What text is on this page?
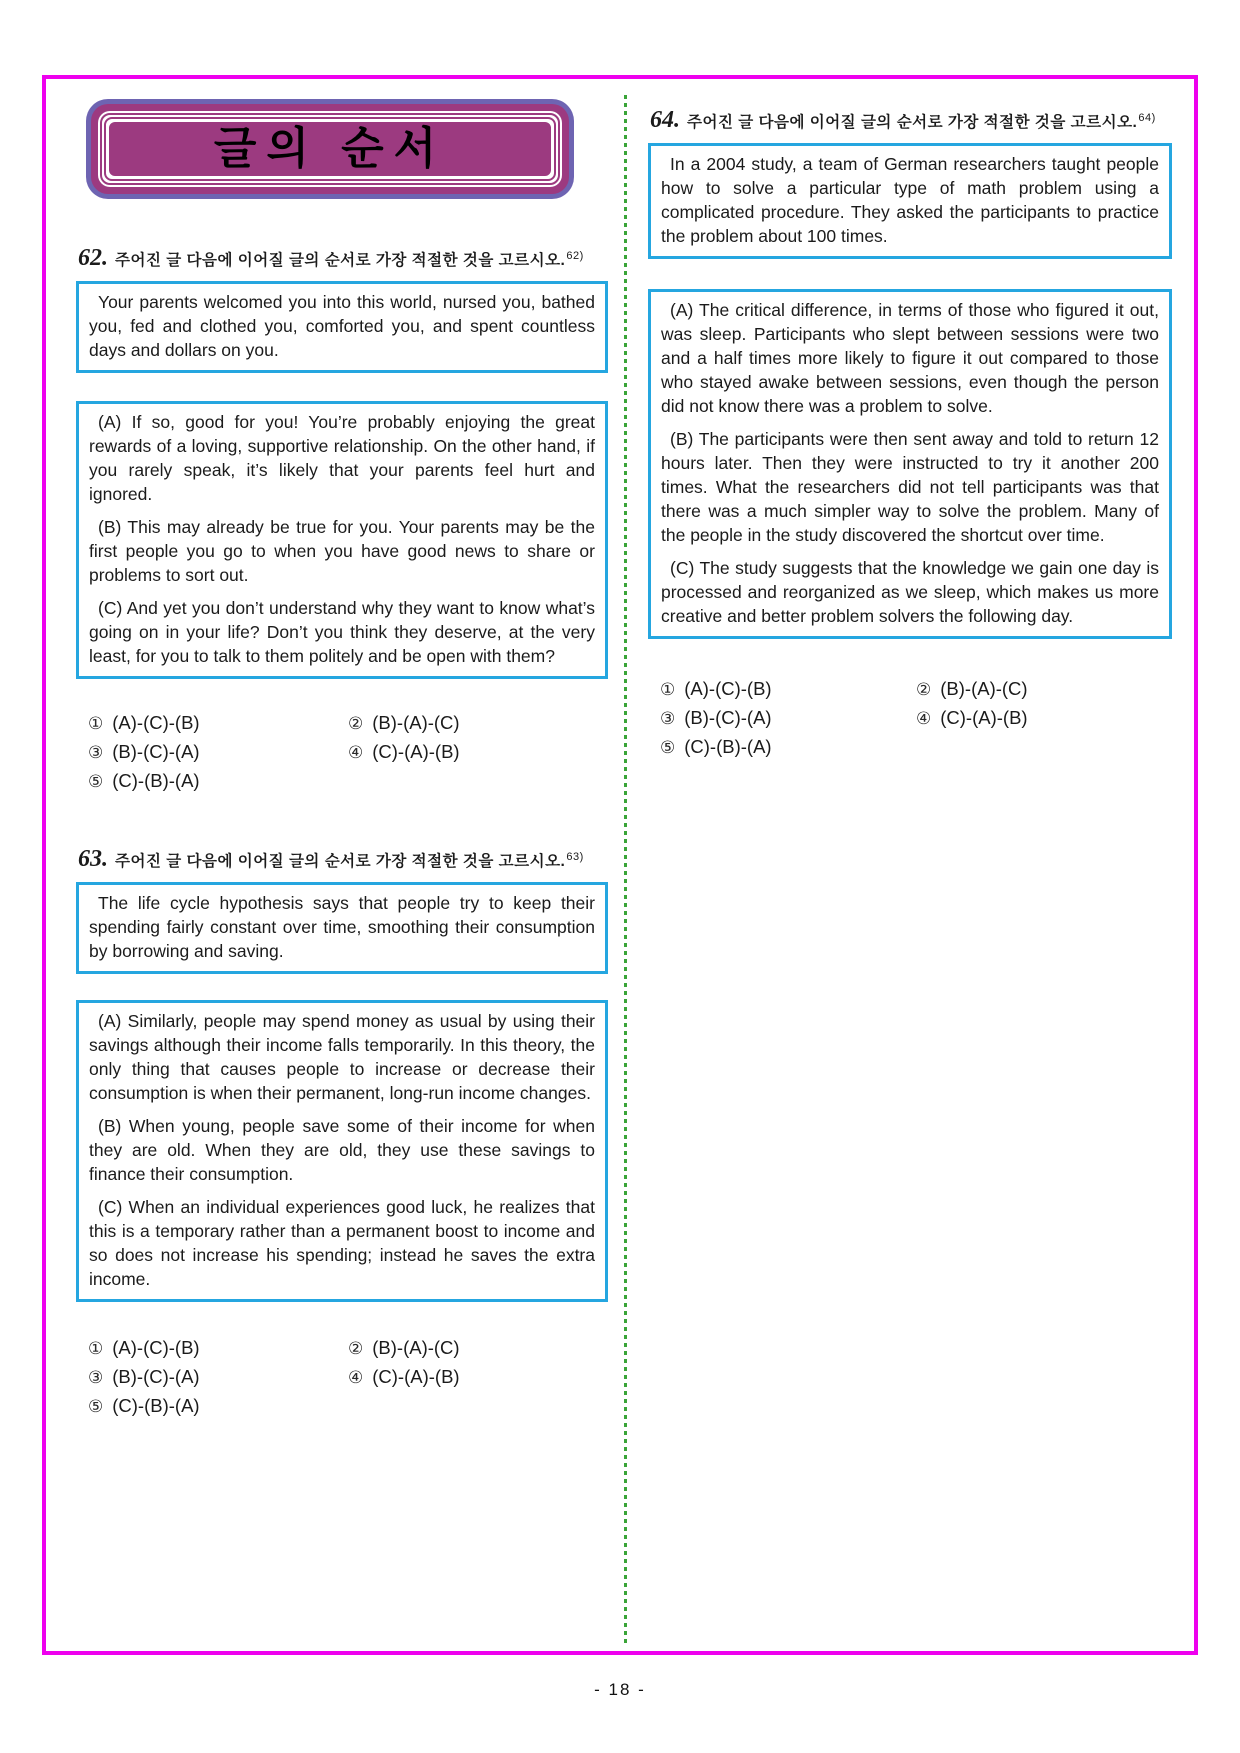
글의 순서
62. 주어진 글 다음에 이어질 글의 순서로 가장 적절한 것을 고르시오.$^{62)}$

Your parents welcomed you into this world, nursed you, bathed you, fed and clothed you, comforted you, and spent countless days and dollars on you.

(A) If so, good for you! You’re probably enjoying the great rewards of a loving, supportive relationship. On the other hand, if you rarely speak, it’s likely that your parents feel hurt and ignored.

(B) This may already be true for you. Your parents may be the first people you go to when you have good news to share or problems to sort out.

(C) And yet you don’t understand why they want to know what’s going on in your life? Don’t you think they deserve, at the very least, for you to talk to them politely and be open with them?

① (A)-(C)-(B)	② (B)-(A)-(C)
③ (B)-(C)-(A)	④ (C)-(A)-(B)
⑤ (C)-(B)-(A)
63. 주어진 글 다음에 이어질 글의 순서로 가장 적절한 것을 고르시오.$^{63)}$

The life cycle hypothesis says that people try to keep their spending fairly constant over time, smoothing their consumption by borrowing and saving.

(A) Similarly, people may spend money as usual by using their savings although their income falls temporarily. In this theory, the only thing that causes people to increase or decrease their consumption is when their permanent, long-run income changes.

(B) When young, people save some of their income for when they are old. When they are old, they use these savings to finance their consumption.

(C) When an individual experiences good luck, he realizes that this is a temporary rather than a permanent boost to income and so does not increase his spending; instead he saves the extra income.

① (A)-(C)-(B)	② (B)-(A)-(C)
③ (B)-(C)-(A)	④ (C)-(A)-(B)
⑤ (C)-(B)-(A)
64. 주어진 글 다음에 이어질 글의 순서로 가장 적절한 것을 고르시오.$^{64)}$

In a 2004 study, a team of German researchers taught people how to solve a particular type of math problem using a complicated procedure. They asked the participants to practice the problem about 100 times.

(A) The critical difference, in terms of those who figured it out, was sleep. Participants who slept between sessions were two and a half times more likely to figure it out compared to those who stayed awake between sessions, even though the person did not know there was a problem to solve.

(B) The participants were then sent away and told to return 12 hours later. Then they were instructed to try it another 200 times. What the researchers did not tell participants was that there was a much simpler way to solve the problem. Many of the people in the study discovered the shortcut over time.

(C) The study suggests that the knowledge we gain one day is processed and reorganized as we sleep, which makes us more creative and better problem solvers the following day.

① (A)-(C)-(B)	② (B)-(A)-(C)
③ (B)-(C)-(A)	④ (C)-(A)-(B)
⑤ (C)-(B)-(A)
- 18 -
